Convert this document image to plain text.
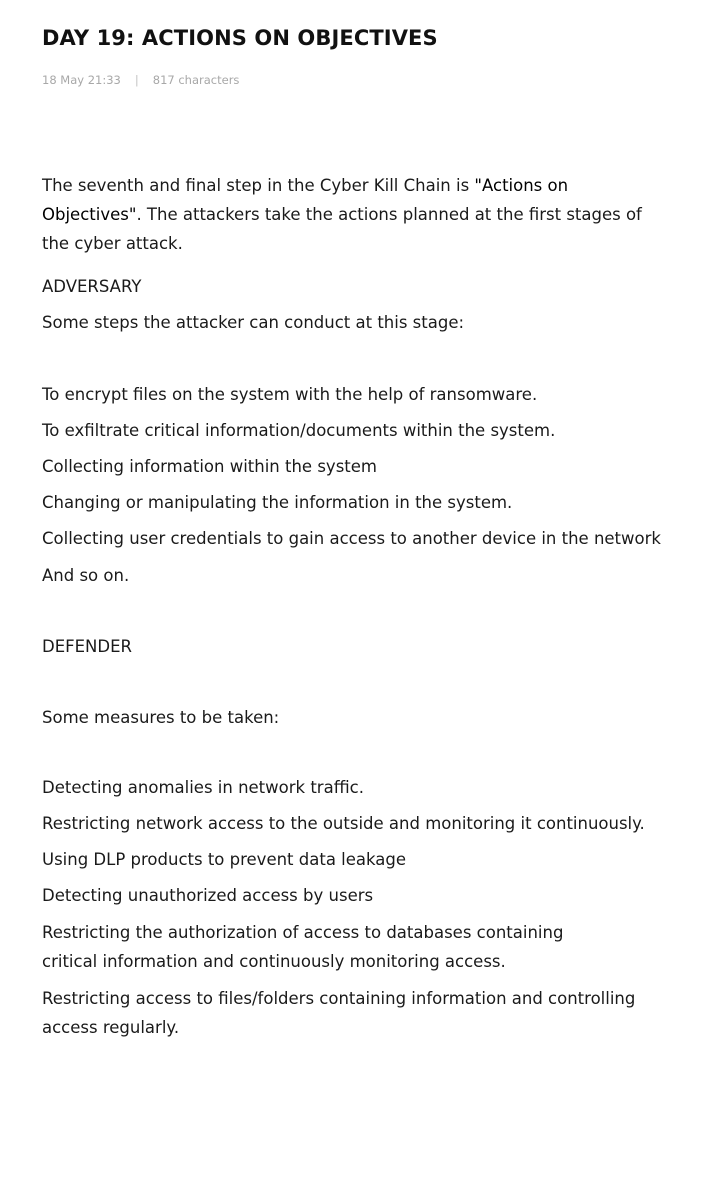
DAY 19: ACTIONS ON OBJECTIVES
18 May 21:33 | 817 characters
The seventh and final step in the Cyber Kill Chain is "Actions on Objectives". The attackers take the actions planned at the first stages of the cyber attack.
ADVERSARY
Some steps the attacker can conduct at this stage:
To encrypt files on the system with the help of ransomware.
To exfiltrate critical information/documents within the system.
Collecting information within the system
Changing or manipulating the information in the system.
Collecting user credentials to gain access to another device in the network
And so on.
DEFENDER
Some measures to be taken:
Detecting anomalies in network traffic.
Restricting network access to the outside and monitoring it continuously.
Using DLP products to prevent data leakage
Detecting unauthorized access by users
Restricting the authorization of access to databases containing critical information and continuously monitoring access.
Restricting access to files/folders containing information and controlling access regularly.
